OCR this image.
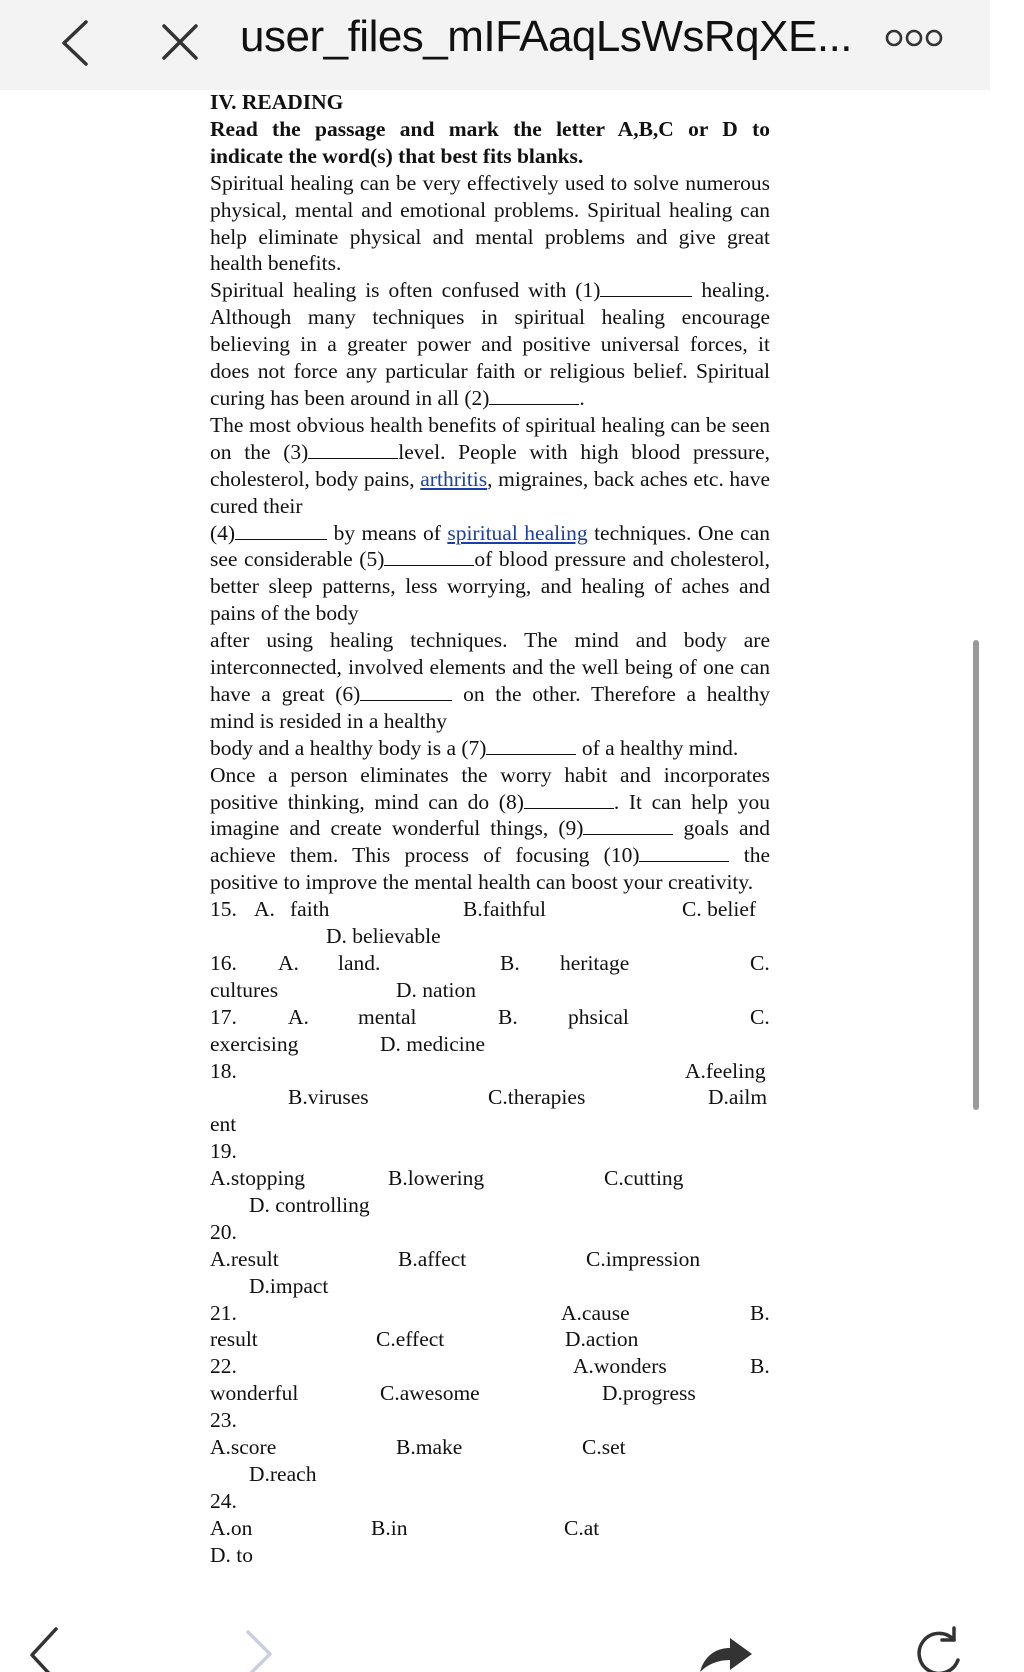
user_files_mIFAaqLsWsRqXE...
IV. READING
Read the passage and mark the letter A,B,C or D to
indicate the word(s) that best fits blanks.
Spiritual healing can be very effectively used to solve numerous physical, mental and emotional problems. Spiritual healing can help eliminate physical and mental problems and give great health benefits.
Spiritual healing is often confused with (1)	healing. Although many techniques in spiritual healing encourage believing in a greater power and positive universal forces, it does not force any particular faith or religious belief. Spiritual curing has been around in all (2)	.
The most obvious health benefits of spiritual healing can be seen on the (3)	level. People with high blood pressure, cholesterol, body pains, arthritis, migraines, back aches etc. have cured their
(4)	by means of spiritual healing techniques. One can see considerable (5)	of blood pressure and cholesterol, better sleep patterns, less worrying, and healing of aches and pains of the body
after using healing techniques. The mind and body are interconnected, involved elements and the well being of one can have a great (6)	on the other. Therefore a healthy mind is resided in a healthy
body and a healthy body is a (7)	of a healthy mind.
Once a person eliminates the worry habit and incorporates positive thinking, mind can do (8)	. It can help you imagine and create wonderful things, (9)	goals and achieve them. This process of focusing (10)	the positive to improve the mental health can boost your creativity.
15. A. faith	B.faithful	C. belief
D. believable
16. A. land.	B. heritage	C.
cultures	D. nation
17. A. mental	B. phsical	C.
exercising	D. medicine
18.	A.feeling
B.viruses	C.therapies	D.ailm
ent
19.
A.stopping	B.lowering	C.cutting
D. controlling
20.
A.result	B.affect	C.impression
D.impact
21.	A.cause	B.
result	C.effect	D.action
22.	A.wonders	B.
wonderful	C.awesome	D.progress
23.
A.score	B.make	C.set
D.reach
24.
A.on	B.in	C.at
D. to
